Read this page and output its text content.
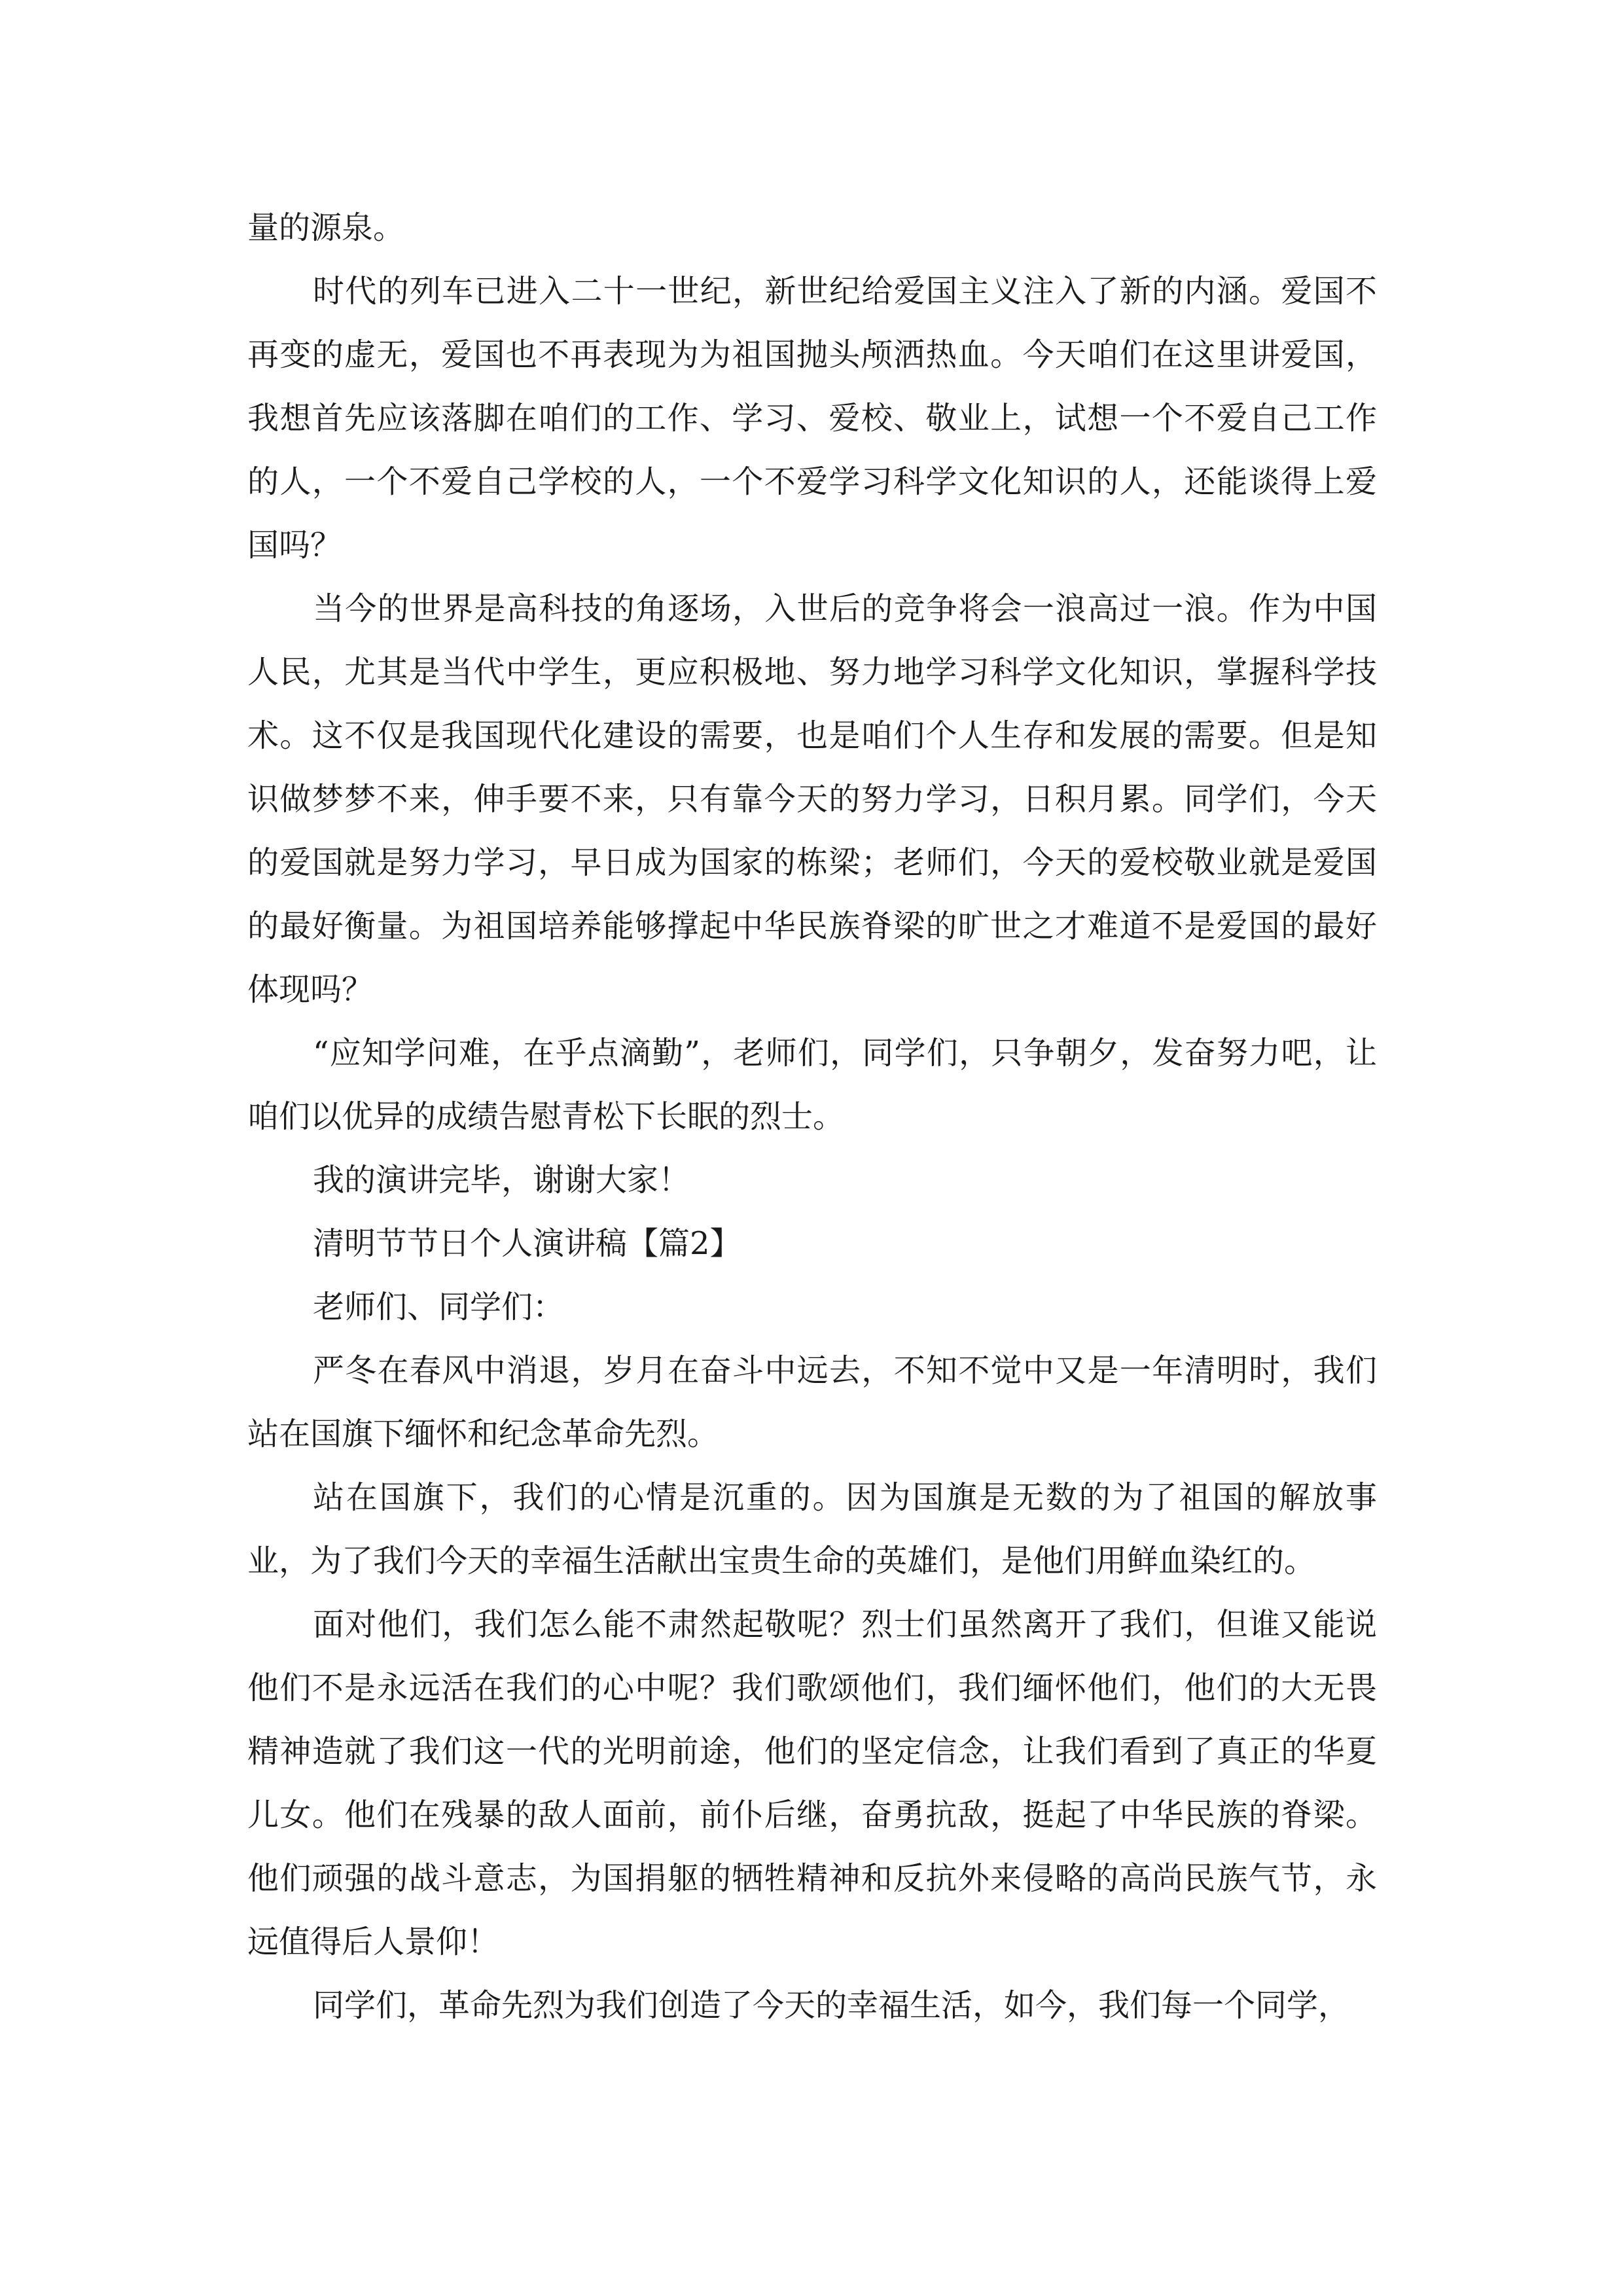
量的源泉。

时代的列车已进入二十一世纪，新世纪给爱国主义注入了新的内涵。爱国不再变的虚无，爱国也不再表现为为祖国抛头颅洒热血。今天咱们在这里讲爱国，我想首先应该落脚在咱们的工作、学习、爱校、敬业上，试想一个不爱自己工作的人，一个不爱自己学校的人，一个不爱学习科学文化知识的人，还能谈得上爱国吗？

当今的世界是高科技的角逐场，入世后的竞争将会一浪高过一浪。作为中国人民，尤其是当代中学生，更应积极地、努力地学习科学文化知识，掌握科学技术。这不仅是我国现代化建设的需要，也是咱们个人生存和发展的需要。但是知识做梦梦不来，伸手要不来，只有靠今天的努力学习，日积月累。同学们，今天的爱国就是努力学习，早日成为国家的栋梁；老师们，今天的爱校敬业就是爱国的最好衡量。为祖国培养能够撑起中华民族脊梁的旷世之才难道不是爱国的最好体现吗？

“应知学问难，在乎点滴勤”，老师们，同学们，只争朝夕，发奋努力吧，让咱们以优异的成绩告慰青松下长眠的烈士。

我的演讲完毕，谢谢大家！

清明节节日个人演讲稿【篇2】

老师们、同学们：

严冬在春风中消退，岁月在奋斗中远去，不知不觉中又是一年清明时，我们站在国旗下缅怀和纪念革命先烈。

站在国旗下，我们的心情是沉重的。因为国旗是无数的为了祖国的解放事业，为了我们今天的幸福生活献出宝贵生命的英雄们，是他们用鲜血染红的。

面对他们，我们怎么能不肃然起敬呢？烈士们虽然离开了我们，但谁又能说他们不是永远活在我们的心中呢？我们歌颂他们，我们缅怀他们，他们的大无畏精神造就了我们这一代的光明前途，他们的坚定信念，让我们看到了真正的华夏儿女。他们在残暴的敌人面前，前仆后继，奋勇抗敌，挺起了中华民族的脊梁。他们顽强的战斗意志，为国捐躯的牺牲精神和反抗外来侵略的高尚民族气节，永远值得后人景仰！

同学们，革命先烈为我们创造了今天的幸福生活，如今，我们每一个同学，
